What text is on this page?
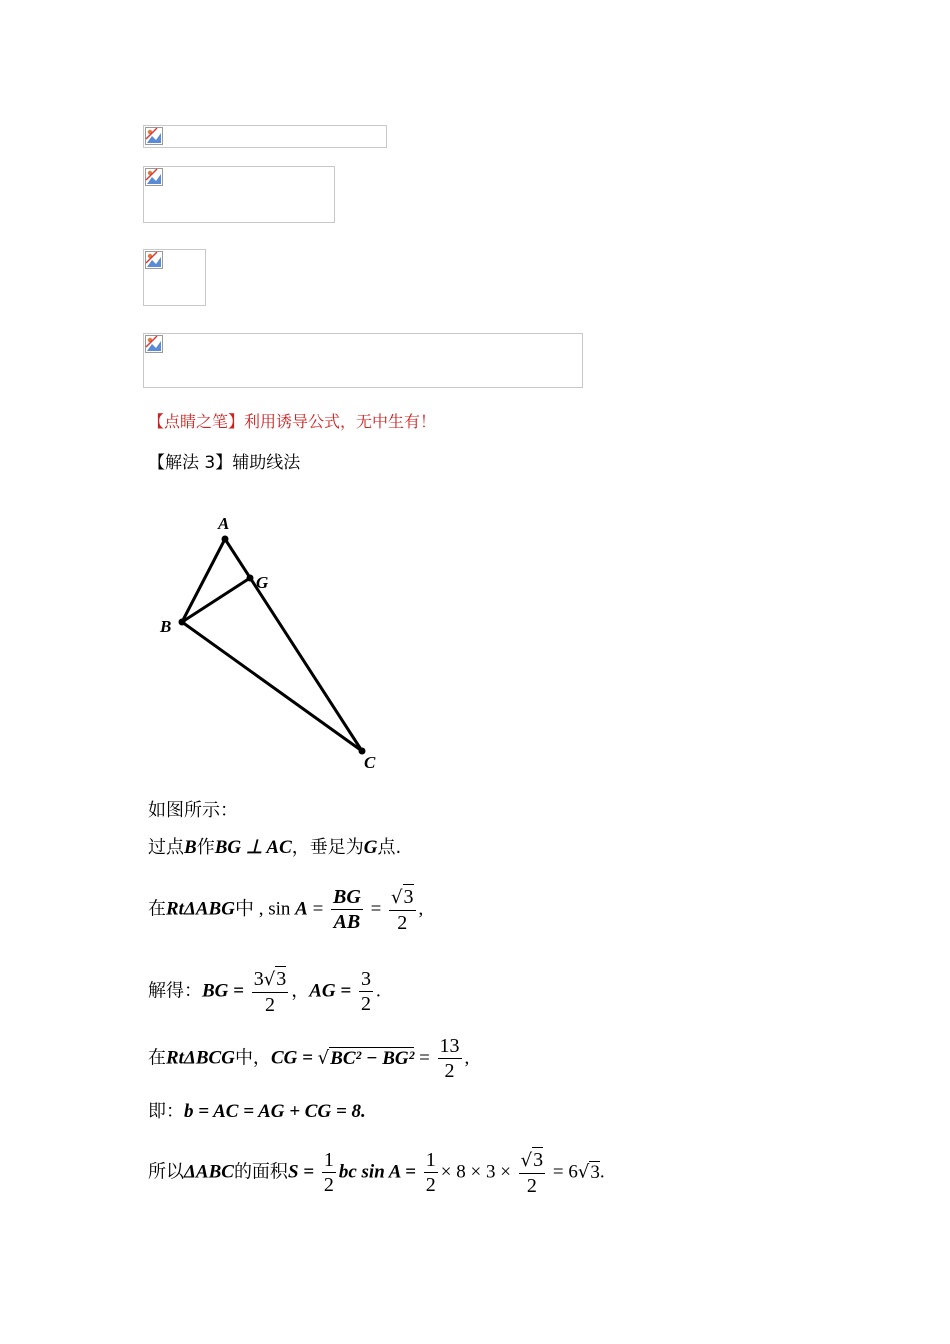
【点睛之笔】利用诱导公式，无中生有！
【解法 3】辅助线法
A
G
B
C
如图所示：
过点B作BG ⊥ AC，垂足为G点.
在RtΔABG中 , $\sin A = \frac{BG}{AB} = \frac{√3}{2}$ ,
解得：BG = $\frac{3√3}{2}$ ，AG = $\frac{3}{2}$ .
在RtΔBCG中，CG = $√BC^2 - BG^2 = \frac{13}{2}$ ,
即：b = AC = AG + CG = 8.
所以ΔABC的面积$S = \frac{1}{2}$ bc $\sin A = \frac{1}{2} \times 8 \times 3 \times \frac{√3}{2} = 6√3$.
